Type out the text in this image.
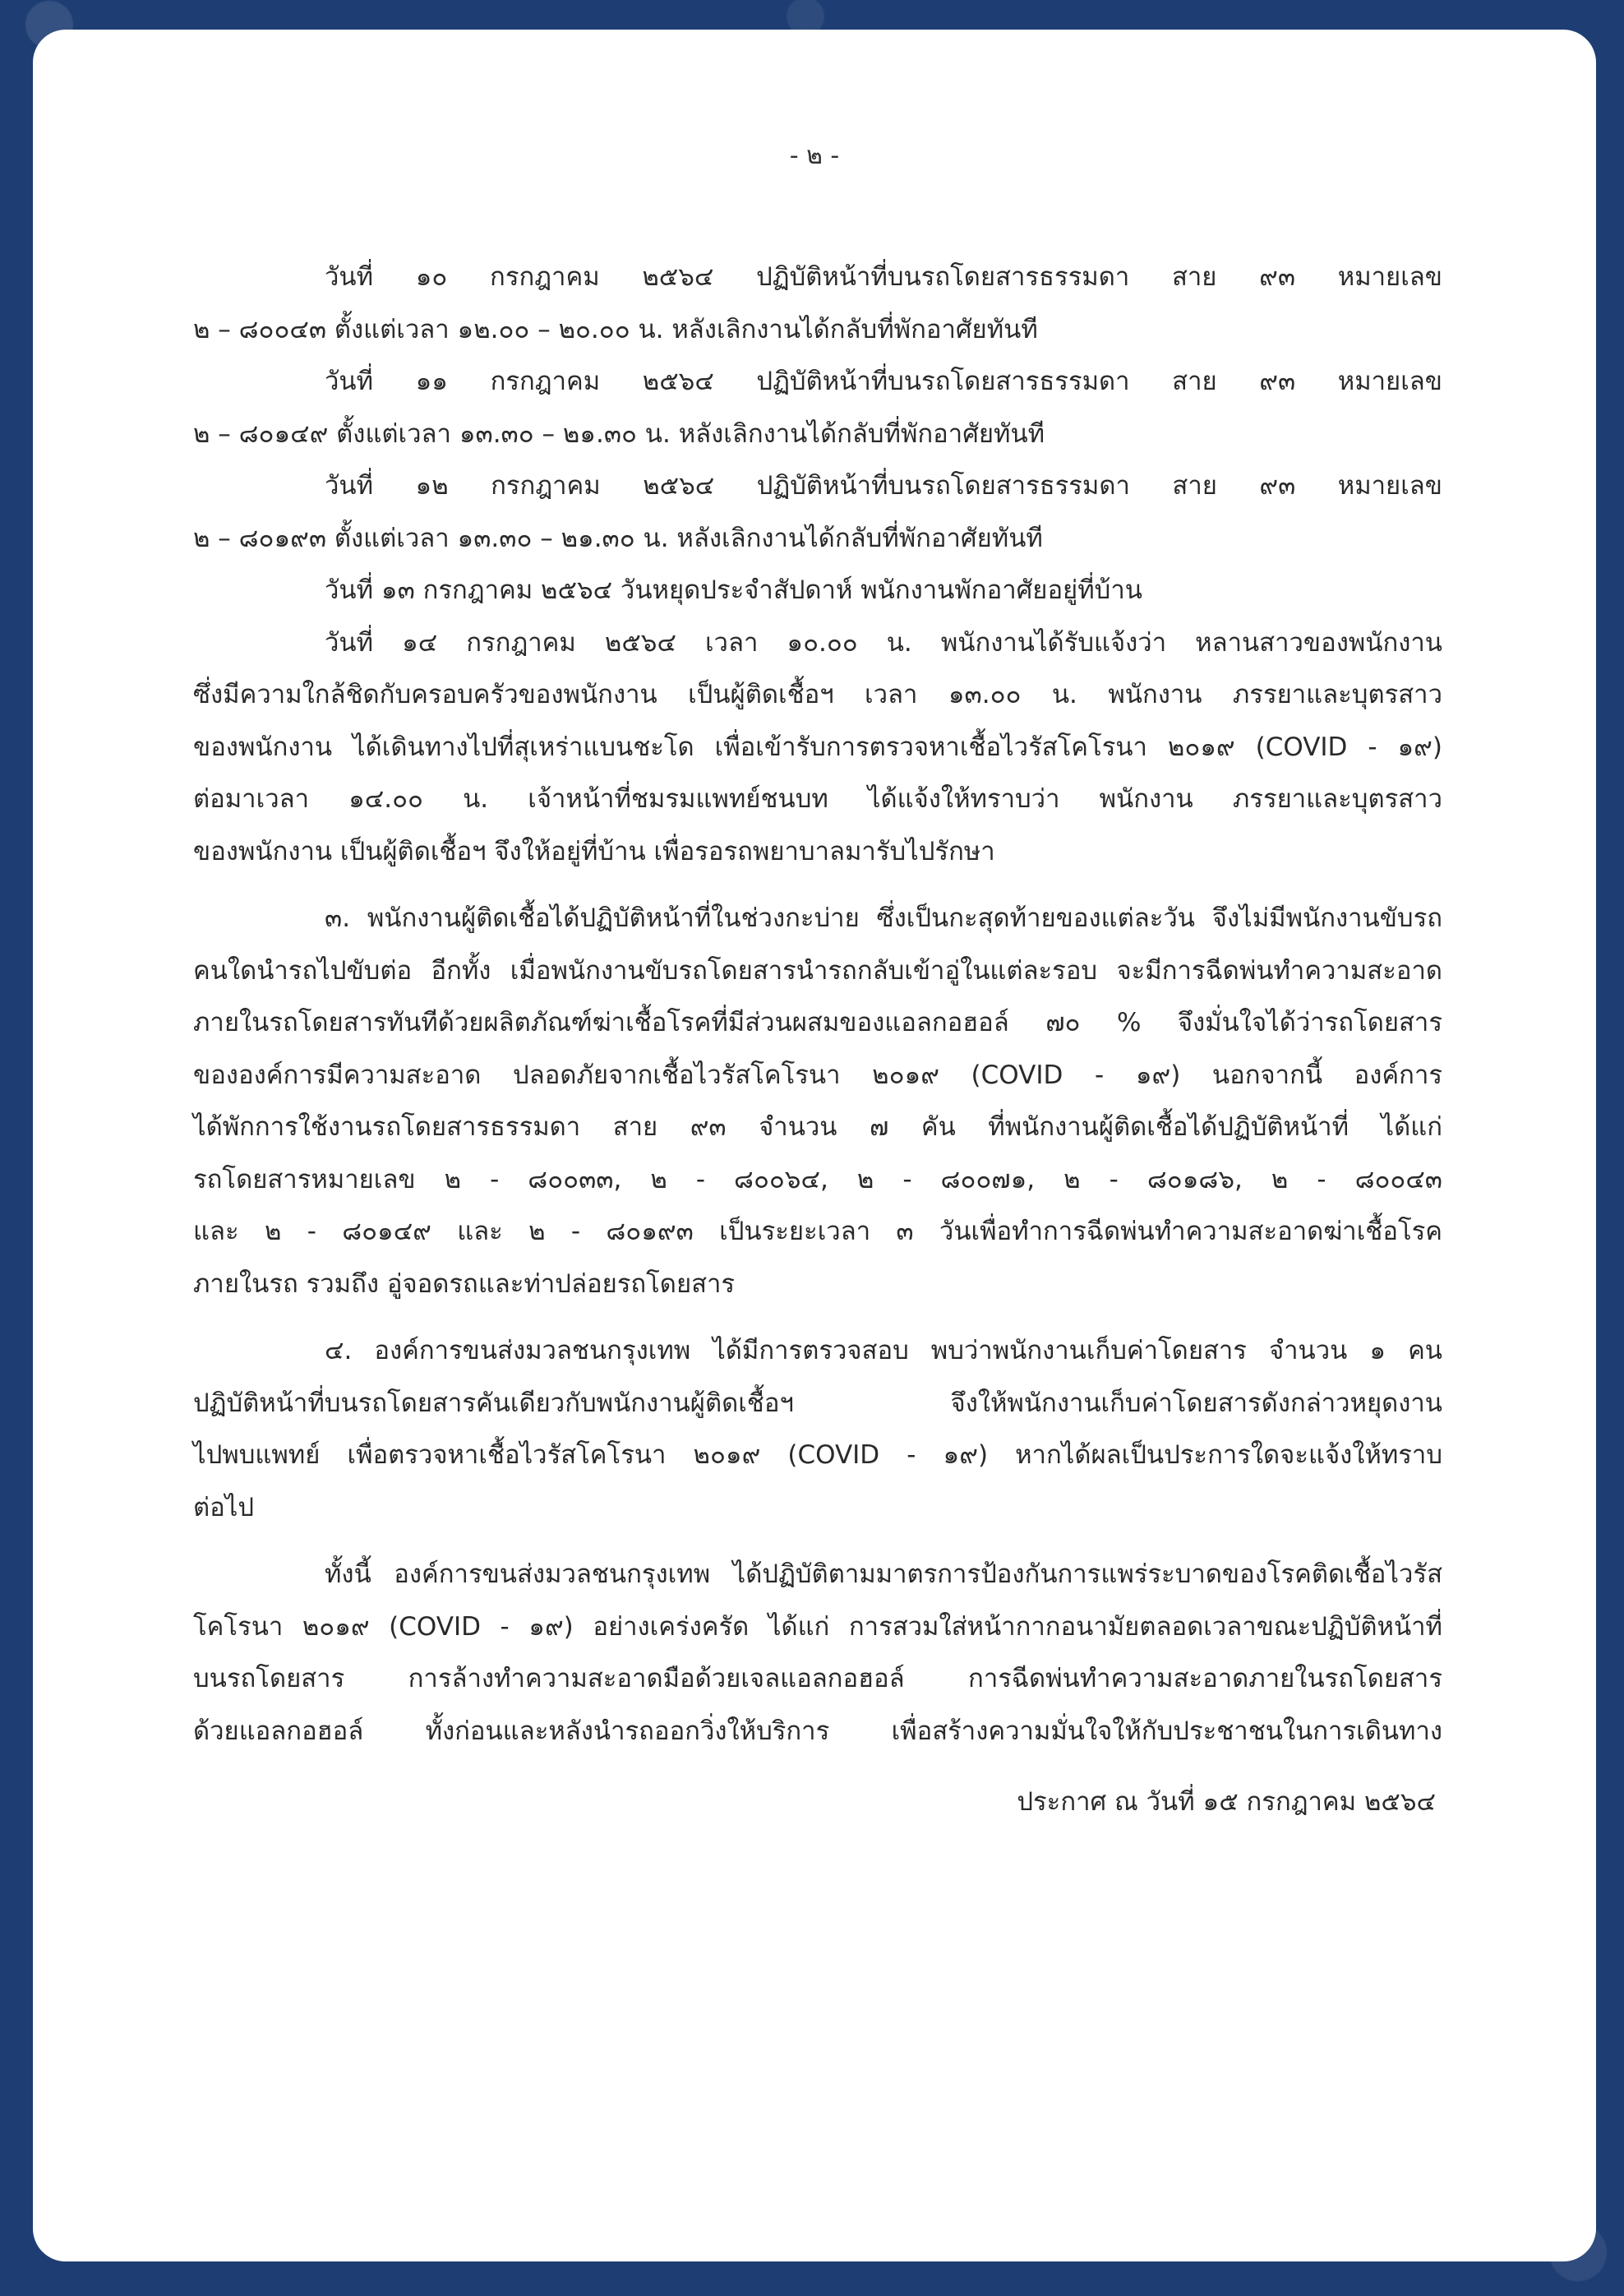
- ๒ -

วันที่ ๑๐ กรกฎาคม ๒๕๖๔ ปฏิบัติหน้าที่บนรถโดยสารธรรมดา สาย ๙๓ หมายเลข

๒ – ๘๐๐๔๓ ตั้งแต่เวลา ๑๒.๐๐ – ๒๐.๐๐ น. หลังเลิกงานได้กลับที่พักอาศัยทันที

วันที่ ๑๑ กรกฎาคม ๒๕๖๔ ปฏิบัติหน้าที่บนรถโดยสารธรรมดา สาย ๙๓ หมายเลข

๒ – ๘๐๑๔๙ ตั้งแต่เวลา ๑๓.๓๐ – ๒๑.๓๐ น. หลังเลิกงานได้กลับที่พักอาศัยทันที

วันที่ ๑๒ กรกฎาคม ๒๕๖๔ ปฏิบัติหน้าที่บนรถโดยสารธรรมดา สาย ๙๓ หมายเลข

๒ – ๘๐๑๙๓ ตั้งแต่เวลา ๑๓.๓๐ – ๒๑.๓๐ น. หลังเลิกงานได้กลับที่พักอาศัยทันที

วันที่ ๑๓ กรกฎาคม ๒๕๖๔ วันหยุดประจำสัปดาห์ พนักงานพักอาศัยอยู่ที่บ้าน

วันที่ ๑๔ กรกฎาคม ๒๕๖๔ เวลา ๑๐.๐๐ น. พนักงานได้รับแจ้งว่า หลานสาวของพนักงาน

ซึ่งมีความใกล้ชิดกับครอบครัวของพนักงาน เป็นผู้ติดเชื้อฯ เวลา ๑๓.๐๐ น. พนักงาน ภรรยาและบุตรสาว

ของพนักงาน ได้เดินทางไปที่สุเหร่าแบนชะโด เพื่อเข้ารับการตรวจหาเชื้อไวรัสโคโรนา ๒๐๑๙ (COVID - ๑๙)

ต่อมาเวลา ๑๔.๐๐ น. เจ้าหน้าที่ชมรมแพทย์ชนบท ได้แจ้งให้ทราบว่า พนักงาน ภรรยาและบุตรสาว

ของพนักงาน เป็นผู้ติดเชื้อฯ จึงให้อยู่ที่บ้าน เพื่อรอรถพยาบาลมารับไปรักษา

๓. พนักงานผู้ติดเชื้อได้ปฏิบัติหน้าที่ในช่วงกะบ่าย ซึ่งเป็นกะสุดท้ายของแต่ละวัน จึงไม่มีพนักงานขับรถ

คนใดนำรถไปขับต่อ อีกทั้ง เมื่อพนักงานขับรถโดยสารนำรถกลับเข้าอู่ในแต่ละรอบ จะมีการฉีดพ่นทำความสะอาด

ภายในรถโดยสารทันทีด้วยผลิตภัณฑ์ฆ่าเชื้อโรคที่มีส่วนผสมของแอลกอฮอล์ ๗๐ % จึงมั่นใจได้ว่ารถโดยสาร

ขององค์การมีความสะอาด ปลอดภัยจากเชื้อไวรัสโคโรนา ๒๐๑๙ (COVID - ๑๙) นอกจากนี้ องค์การ

ได้พักการใช้งานรถโดยสารธรรมดา สาย ๙๓ จำนวน ๗ คัน ที่พนักงานผู้ติดเชื้อได้ปฏิบัติหน้าที่ ได้แก่

รถโดยสารหมายเลข ๒ - ๘๐๐๓๓, ๒ - ๘๐๐๖๔, ๒ - ๘๐๐๗๑, ๒ - ๘๐๑๘๖, ๒ - ๘๐๐๔๓

และ ๒ - ๘๐๑๔๙ และ ๒ - ๘๐๑๙๓ เป็นระยะเวลา ๓ วันเพื่อทำการฉีดพ่นทำความสะอาดฆ่าเชื้อโรค

ภายในรถ รวมถึง อู่จอดรถและท่าปล่อยรถโดยสาร

๔. องค์การขนส่งมวลชนกรุงเทพ ได้มีการตรวจสอบ พบว่าพนักงานเก็บค่าโดยสาร จำนวน ๑ คน

ปฏิบัติหน้าที่บนรถโดยสารคันเดียวกับพนักงานผู้ติดเชื้อฯ จึงให้พนักงานเก็บค่าโดยสารดังกล่าวหยุดงาน

ไปพบแพทย์ เพื่อตรวจหาเชื้อไวรัสโคโรนา ๒๐๑๙ (COVID - ๑๙) หากได้ผลเป็นประการใดจะแจ้งให้ทราบ

ต่อไป

ทั้งนี้ องค์การขนส่งมวลชนกรุงเทพ ได้ปฏิบัติตามมาตรการป้องกันการแพร่ระบาดของโรคติดเชื้อไวรัส

โคโรนา ๒๐๑๙ (COVID - ๑๙) อย่างเคร่งครัด ได้แก่ การสวมใส่หน้ากากอนามัยตลอดเวลาขณะปฏิบัติหน้าที่

บนรถโดยสาร การล้างทำความสะอาดมือด้วยเจลแอลกอฮอล์ การฉีดพ่นทำความสะอาดภายในรถโดยสาร

ด้วยแอลกอฮอล์ ทั้งก่อนและหลังนำรถออกวิ่งให้บริการ เพื่อสร้างความมั่นใจให้กับประชาชนในการเดินทาง

ประกาศ ณ วันที่ ๑๕ กรกฎาคม ๒๕๖๔
